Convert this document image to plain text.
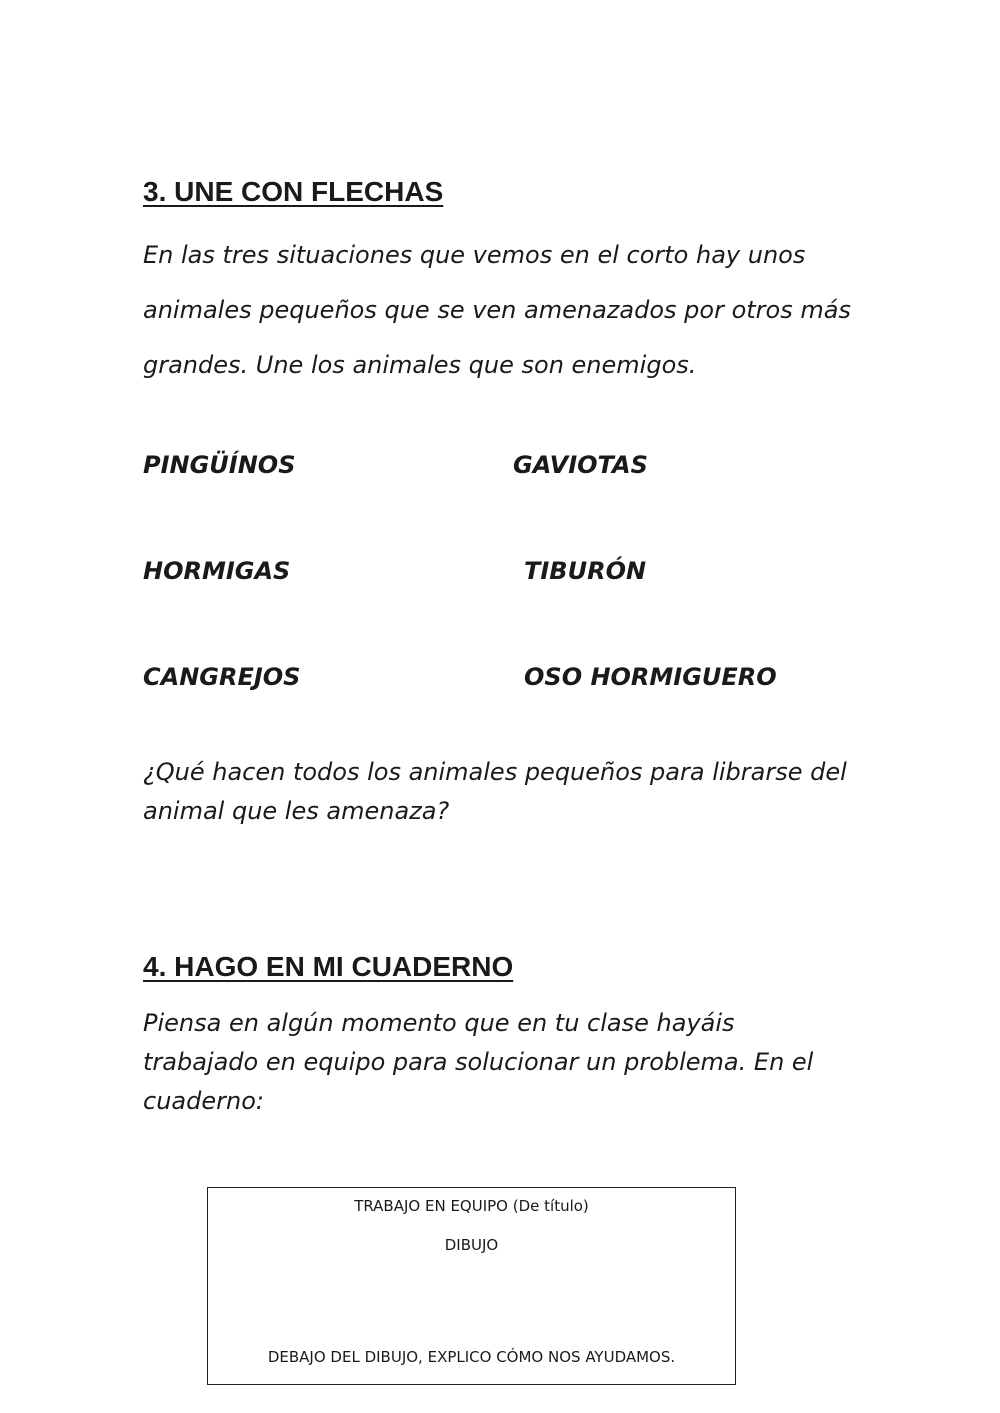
3. UNE CON FLECHAS

En las tres situaciones que vemos en el corto hay unos
animales pequeños que se ven amenazados por otros más
grandes. Une los animales que son enemigos.

PINGÜÍNOS	GAVIOTAS
HORMIGAS	TIBURÓN
CANGREJOS	OSO HORMIGUERO

¿Qué hacen todos los animales pequeños para librarse del
animal que les amenaza?

4. HAGO EN MI CUADERNO

Piensa en algún momento que en tu clase hayáis
trabajado en equipo para solucionar un problema. En el
cuaderno:

TRABAJO EN EQUIPO (De título)
DIBUJO
DEBAJO DEL DIBUJO, EXPLICO CÓMO NOS AYUDAMOS.
